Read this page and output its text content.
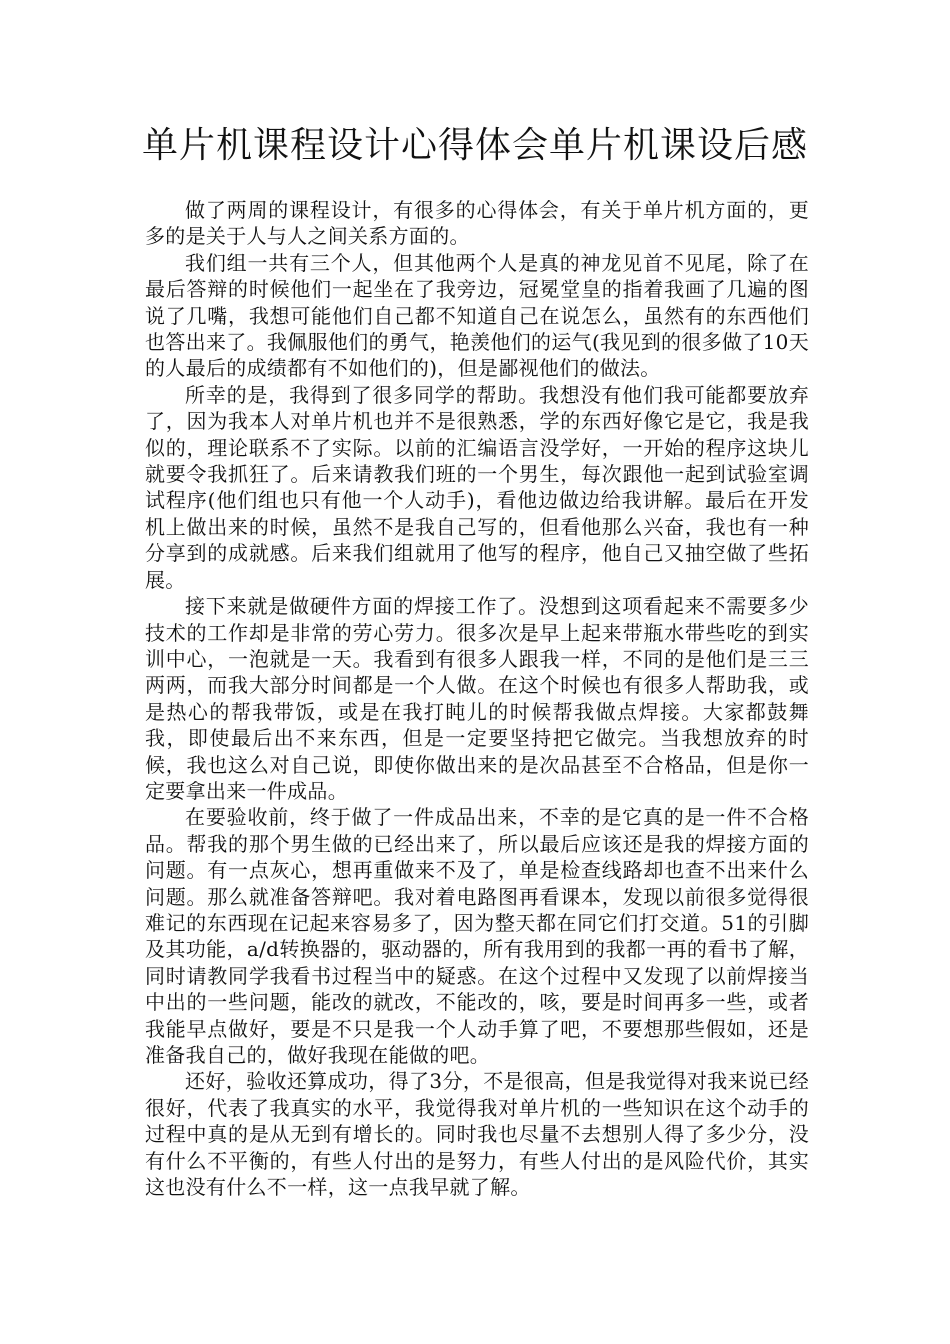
单片机课程设计心得体会单片机课设后感

做了两周的课程设计，有很多的心得体会，有关于单片机方面的，更多的是关于人与人之间关系方面的。

我们组一共有三个人，但其他两个人是真的神龙见首不见尾，除了在最后答辩的时候他们一起坐在了我旁边，冠冕堂皇的指着我画了几遍的图说了几嘴，我想可能他们自己都不知道自己在说怎么，虽然有的东西他们也答出来了。我佩服他们的勇气，艳羡他们的运气(我见到的很多做了10天的人最后的成绩都有不如他们的)，但是鄙视他们的做法。

所幸的是，我得到了很多同学的帮助。我想没有他们我可能都要放弃了，因为我本人对单片机也并不是很熟悉，学的东西好像它是它，我是我似的，理论联系不了实际。以前的汇编语言没学好，一开始的程序这块儿就要令我抓狂了。后来请教我们班的一个男生，每次跟他一起到试验室调试程序(他们组也只有他一个人动手)，看他边做边给我讲解。最后在开发机上做出来的时候，虽然不是我自己写的，但看他那么兴奋，我也有一种分享到的成就感。后来我们组就用了他写的程序，他自己又抽空做了些拓展。

接下来就是做硬件方面的焊接工作了。没想到这项看起来不需要多少技术的工作却是非常的劳心劳力。很多次是早上起来带瓶水带些吃的到实训中心，一泡就是一天。我看到有很多人跟我一样，不同的是他们是三三两两，而我大部分时间都是一个人做。在这个时候也有很多人帮助我，或是热心的帮我带饭，或是在我打盹儿的时候帮我做点焊接。大家都鼓舞我，即使最后出不来东西，但是一定要坚持把它做完。当我想放弃的时候，我也这么对自己说，即使你做出来的是次品甚至不合格品，但是你一定要拿出来一件成品。

在要验收前，终于做了一件成品出来，不幸的是它真的是一件不合格品。帮我的那个男生做的已经出来了，所以最后应该还是我的焊接方面的问题。有一点灰心，想再重做来不及了，单是检查线路却也查不出来什么问题。那么就准备答辩吧。我对着电路图再看课本，发现以前很多觉得很难记的东西现在记起来容易多了，因为整天都在同它们打交道。51的引脚及其功能，a/d转换器的，驱动器的，所有我用到的我都一再的看书了解，同时请教同学我看书过程当中的疑惑。在这个过程中又发现了以前焊接当中出的一些问题，能改的就改，不能改的，咳，要是时间再多一些，或者我能早点做好，要是不只是我一个人动手算了吧，不要想那些假如，还是准备我自己的，做好我现在能做的吧。

还好，验收还算成功，得了3分，不是很高，但是我觉得对我来说已经很好，代表了我真实的水平，我觉得我对单片机的一些知识在这个动手的过程中真的是从无到有增长的。同时我也尽量不去想别人得了多少分，没有什么不平衡的，有些人付出的是努力，有些人付出的是风险代价，其实这也没有什么不一样，这一点我早就了解。
